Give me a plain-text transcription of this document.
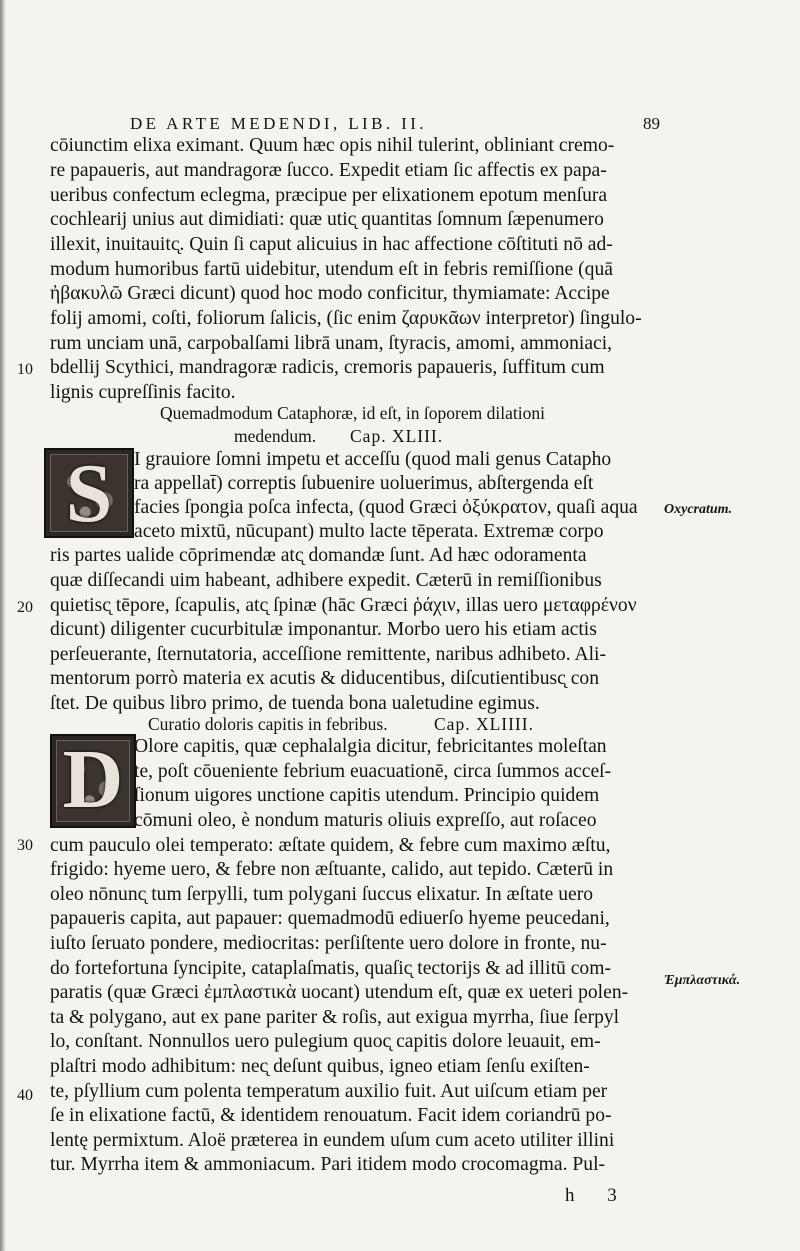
DE ARTE MEDENDI, LIB. II.	89
cōiunctim elixa eximant. Quum hæc opis nihil tulerint, obliniant cremo-
re papaueris, aut mandragoræ ſucco. Expedit etiam ſic affectis ex papa-
ueribus confectum eclegma, præcipue per elixationem epotum menſura
cochlearij unius aut dimidiati: quæ utic̨ quantitas ſomnum ſæpenumero
illexit, inuitauitc̨. Quin ſi caput alicuius in hac affectione cōſtituti nō ad-
modum humoribus fartū uidebitur, utendum eſt in febris remiſſione (quā
ἠβακυλῶ Græci dicunt) quod hoc modo conficitur, thymiamate: Accipe
folij amomi, coſti, foliorum ſalicis, (ſic enim ζαρυκᾶων interpretor) ſingulo-
rum unciam unā, carpobalſami librā unam, ſtyracis, amomi, ammoniaci,
bdellij Scythici, mandragoræ radicis, cremoris papaueris, ſuffitum cum
lignis cupreſſinis facito.
10
Quemadmodum Cataphoræ, id eſt, in ſoporem dilationi
medendum. Cap. XLIII.
S	I grauiore ſomni impetu et acceſſu (quod mali genus Catapho
ra appellat̄) correptis ſubuenire uoluerimus, abſtergenda eſt
facies ſpongia poſca infecta, (quod Græci ὀξύκρατον, quaſi aqua
aceto mixtū, nūcupant) multo lacte tēperata. Extremæ corpo
Oxycratum.
ris partes ualide cōprimendæ atc̨ domandæ ſunt. Ad hæc odoramenta
quæ diſſecandi uim habeant, adhibere expedit. Cæterū in remiſſionibus
quietisc̨ tēpore, ſcapulis, atc̨ ſpinæ (hāc Græci ῥάχιν, illas uero μεταφρένον
dicunt) diligenter cucurbitulæ imponantur. Morbo uero his etiam actis
perſeuerante, ſternutatoria, acceſſione remittente, naribus adhibeto. Ali-
mentorum porrò materia ex acutis & diducentibus, diſcutientibusc̨ con
ſtet. De quibus libro primo, de tuenda bona ualetudine egimus.
20
Curatio doloris capitis in febribus.	Cap. XLIIII.
D Olore capitis, quæ cephalalgia dicitur, febricitantes moleſtan
te, poſt cōueniente febrium euacuationē, circa ſummos acceſ-
ſionum uigores unctione capitis utendum. Principio quidem
cōmuni oleo, è nondum maturis oliuis expreſſo, aut roſaceo
cum pauculo olei temperato: æſtate quidem, & febre cum maximo æſtu,
frigido: hyeme uero, & febre non æſtuante, calido, aut tepido. Cæterū in
oleo nōnunc̨ tum ſerpylli, tum polygani ſuccus elixatur. In æſtate uero
papaueris capita, aut papauer: quemadmodū ediuerſo hyeme peucedani,
iuſto ſeruato pondere, mediocritas: perſiſtente uero dolore in fronte, nu-
do fortefortuna ſyncipite, cataplaſmatis, quaſic̨ tectorijs & ad illitū com-
paratis (quæ Græci ἐμπλαστικὰ uocant) utendum eſt, quæ ex ueteri polen-
ta & polygano, aut ex pane pariter & roſis, aut exigua myrrha, ſiue ſerpyl
lo, conſtant. Nonnullos uero pulegium quoc̨ capitis dolore leuauit, em-
plaſtri modo adhibitum: nec̨ deſunt quibus, igneo etiam ſenſu exiſten-
te, pſyllium cum polenta temperatum auxilio fuit. Aut uiſcum etiam per
ſe in elixatione factū, & identidem renouatum. Facit idem coriandrū po-
lentę permixtum. Aloë præterea in eundem uſum cum aceto utiliter illini
tur. Myrrha item & ammoniacum. Pari itidem modo crocomagma. Pul-
30
40
Ἐμπλαστικά.
h 3
